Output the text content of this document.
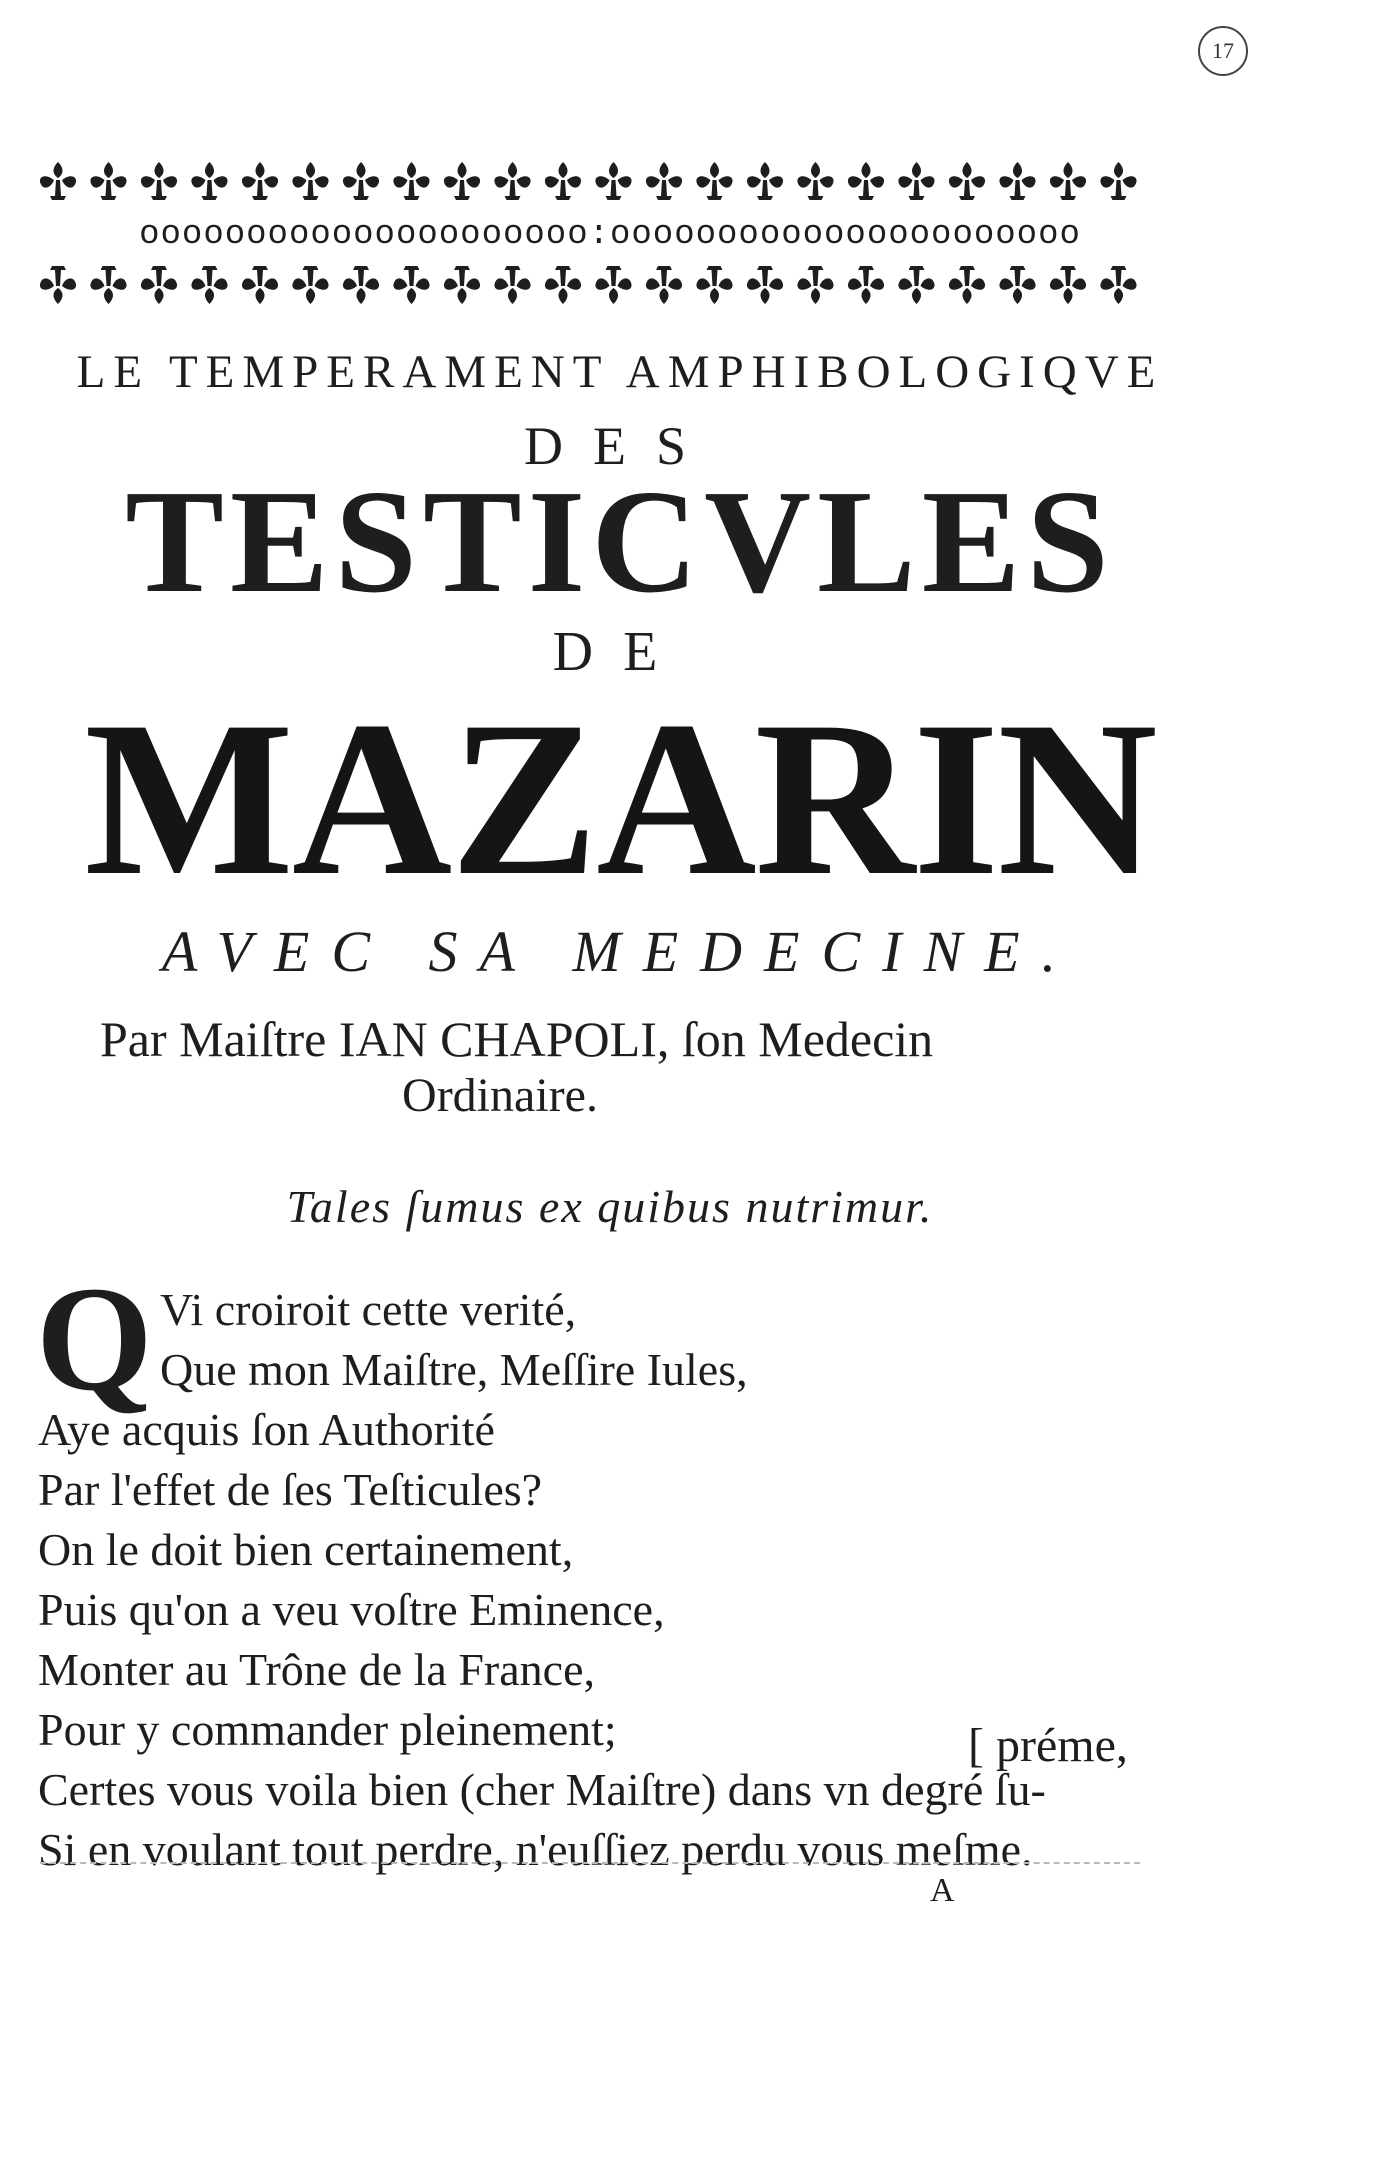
17
ooooooooooooooooooooo:oooooooooooooooooooooo
LE TEMPERAMENT AMPHIBOLOGIQVE
DES
TESTICVLES
DE
MAZARIN
AVEC SA MEDECINE.
Par Maiſtre IAN CHAPOLI, ſon Medecin
Ordinaire.
Tales ſumus ex quibus nutrimur.
Q Vi croiroit cette verité,
Que mon Maiſtre, Meſſire Iules,
Aye acquis ſon Authorité
Par l'effet de ſes Teſticules?
On le doit bien certainement,
Puis qu'on a veu voſtre Eminence,
Monter au Trône de la France,
Pour y commander pleinement;	[ préme,
Certes vous voila bien (cher Maiſtre) dans vn degré ſu-
Si en voulant tout perdre, n'euſſiez perdu vous meſme.
A
